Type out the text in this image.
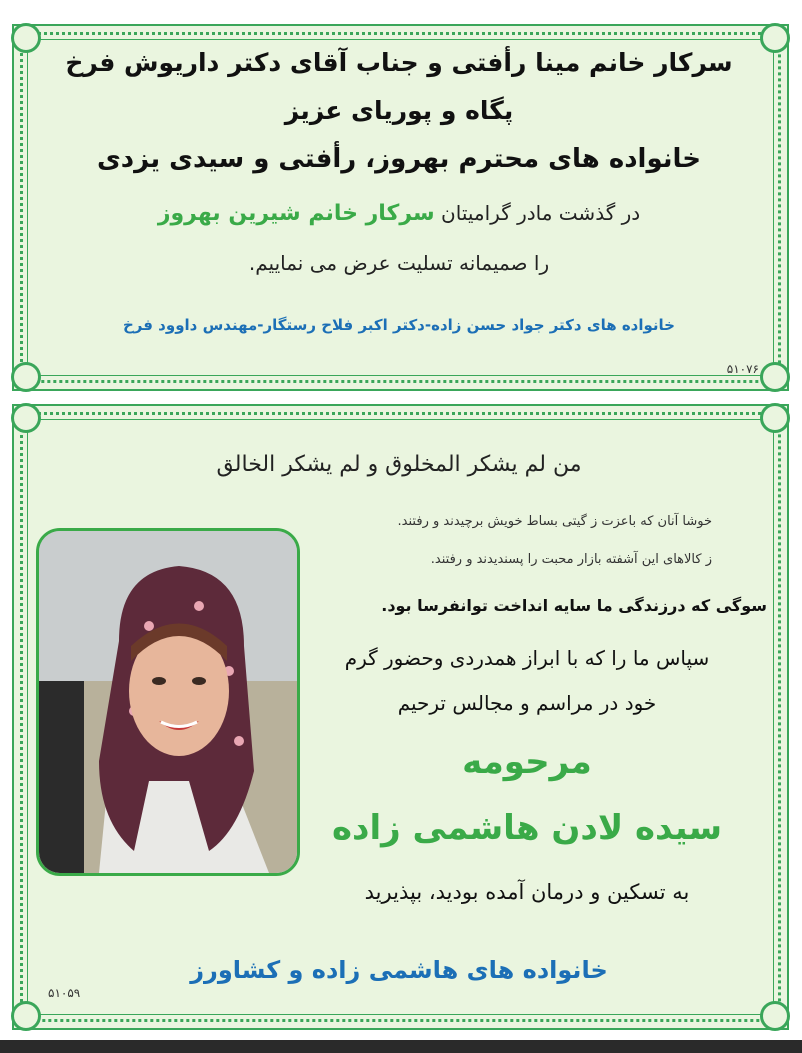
سرکار خانم مینا رأفتی و جناب آقای دکتر داریوش فرخ
پگاه و پوریای عزیز
خانواده های محترم بهروز، رأفتی و سیدی یزدی
در گذشت مادر گرامیتان سرکار خانم شیرین بهروز
را صمیمانه تسلیت عرض می نماییم.
خانواده های دکتر جواد حسن زاده-دکتر اکبر فلاح رستگار-مهندس داوود فرخ
۵۱۰۷۶
من لم یشکر المخلوق و لم یشکر الخالق
خوشا آنان که باعزت ز گیتی بساط خویش برچیدند و رفتند.
ز کالاهای این آشفته بازار محبت را پسندیدند و رفتند.
سوگی که درزندگی ما سایه انداخت توانفرسا بود.
سپاس ما را که با ابراز همدردی وحضور گرم
خود در مراسم و مجالس ترحیم
مرحومه
سیده لادن هاشمی زاده
به تسکین و درمان آمده بودید، بپذیرید
خانواده های هاشمی زاده و کشاورز
۵۱۰۵۹
